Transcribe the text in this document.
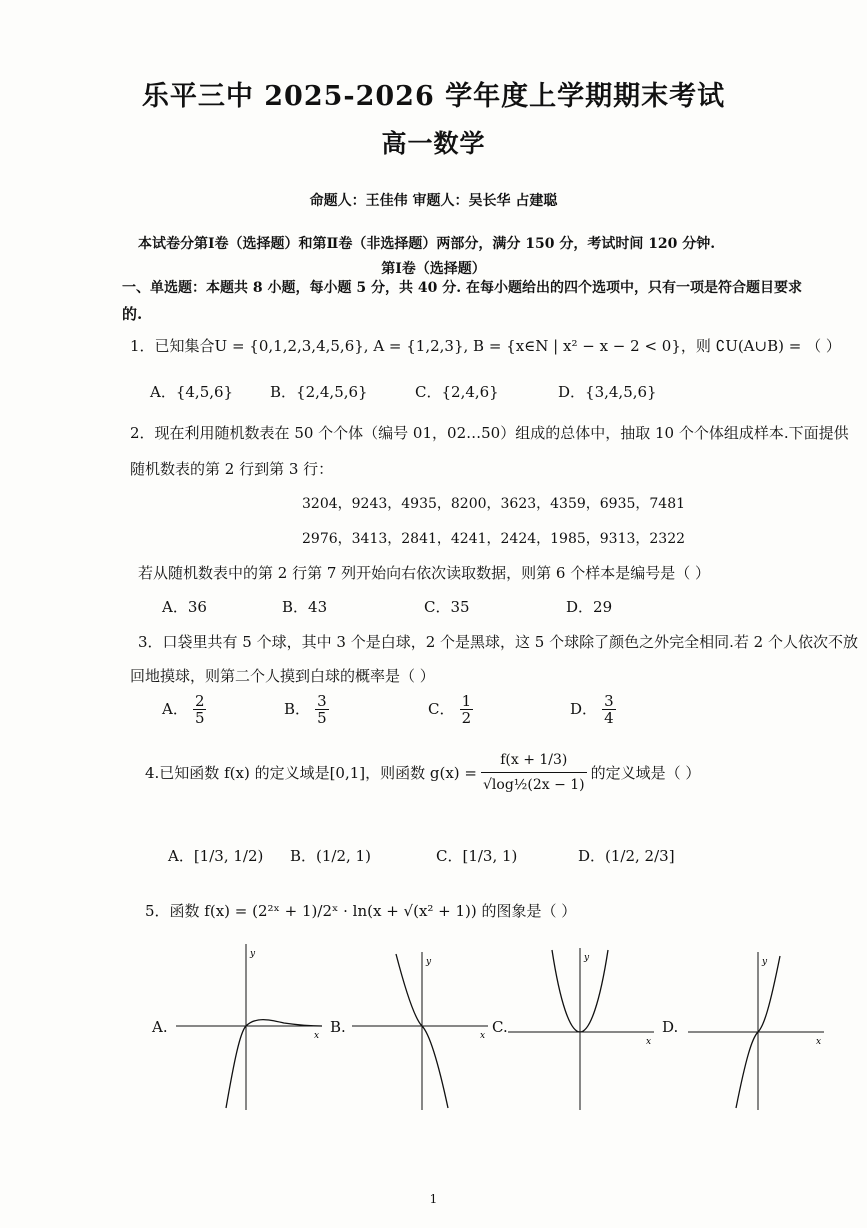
乐平三中 2025-2026 学年度上学期期末考试
高一数学
命题人：王佳伟 审题人：吴长华 占建聪
本试卷分第Ⅰ卷（选择题）和第Ⅱ卷（非选择题）两部分，满分 150 分，考试时间 120 分钟.
第Ⅰ卷（选择题）
一、单选题：本题共 8 小题，每小题 5 分，共 40 分. 在每小题给出的四个选项中，只有一项是符合题目要求
的.
1．已知集合U = {0,1,2,3,4,5,6}, A = {1,2,3}, B = {x∈N | x² − x − 2 < 0}，则 ∁U(A∪B) = （ ）
A．{4,5,6} B．{2,4,5,6}	C．{2,4,6}	D．{3,4,5,6}
2．现在利用随机数表在 50 个个体（编号 01，02…50）组成的总体中，抽取 10 个个体组成样本.下面提供
随机数表的第 2 行到第 3 行：
3204，9243，4935，8200，3623，4359，6935，7481
2976，3413，2841，4241，2424，1985，9313，2322
若从随机数表中的第 2 行第 7 列开始向右依次读取数据，则第 6 个样本是编号是（ ）
A．36	B．43	C．35	D．29
3．口袋里共有 5 个球，其中 3 个是白球，2 个是黑球，这 5 个球除了颜色之外完全相同.若 2 个人依次不放
回地摸球，则第二个人摸到白球的概率是（ ）
A． $\frac{2}{5}$	B． $\frac{3}{5}$	C． $\frac{1}{2}$	D． $\frac{3}{4}$
4.已知函数 f(x) 的定义域是[0,1]，则函数 $g(x) = \frac{f(x + 1/3)}{\text{√log½(2x − 1)}}$ 的定义域是（ ）
A．[1/3, 1/2) B．(1/2, 1)	C．[1/3, 1)	D．(1/2, 2/3]
5．函数 f(x) = (2²ˣ + 1)/2ˣ · ln(x + √(x² + 1)) 的图象是（ ）
A.	B.	C.	D.
x
y
x
y
x
y
x
y
1
